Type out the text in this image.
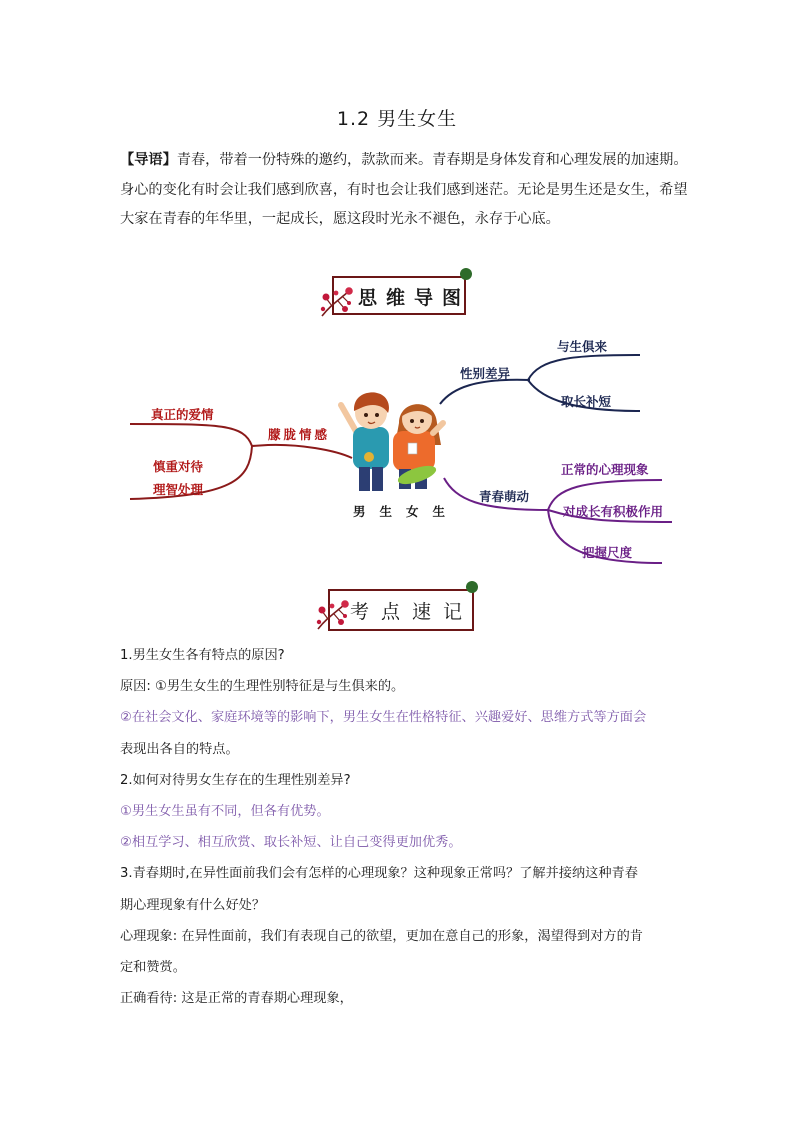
1.2 男生女生
【导语】青春，带着一份特殊的邀约，款款而来。青春期是身体发育和心理发展的加速期。
身心的变化有时会让我们感到欣喜，有时也会让我们感到迷茫。无论是男生还是女生，希望
大家在青春的年华里，一起成长，愿这段时光永不褪色，永存于心底。
思维导图
男生女生
性别差异
与生俱来
取长补短
朦胧情感
真正的爱情
慎重对待
理智处理	青春萌动
正常的心理现象
对成长有积极作用
把握尺度
考点速记

1.男生女生各有特点的原因?

原因: ①男生女生的生理性别特征是与生俱来的。

②在社会文化、家庭环境等的影响下，男生女生在性格特征、兴趣爱好、思维方式等方面会

表现出各自的特点。

2.如何对待男女生存在的生理性别差异?

①男生女生虽有不同，但各有优势。

②相互学习、相互欣赏、取长补短、让自己变得更加优秀。

3.青春期时,在异性面前我们会有怎样的心理现象？这种现象正常吗？了解并接纳这种青春

期心理现象有什么好处？

心理现象: 在异性面前，我们有表现自己的欲望，更加在意自己的形象，渴望得到对方的肯

定和赞赏。

正确看待: 这是正常的青春期心理现象，
